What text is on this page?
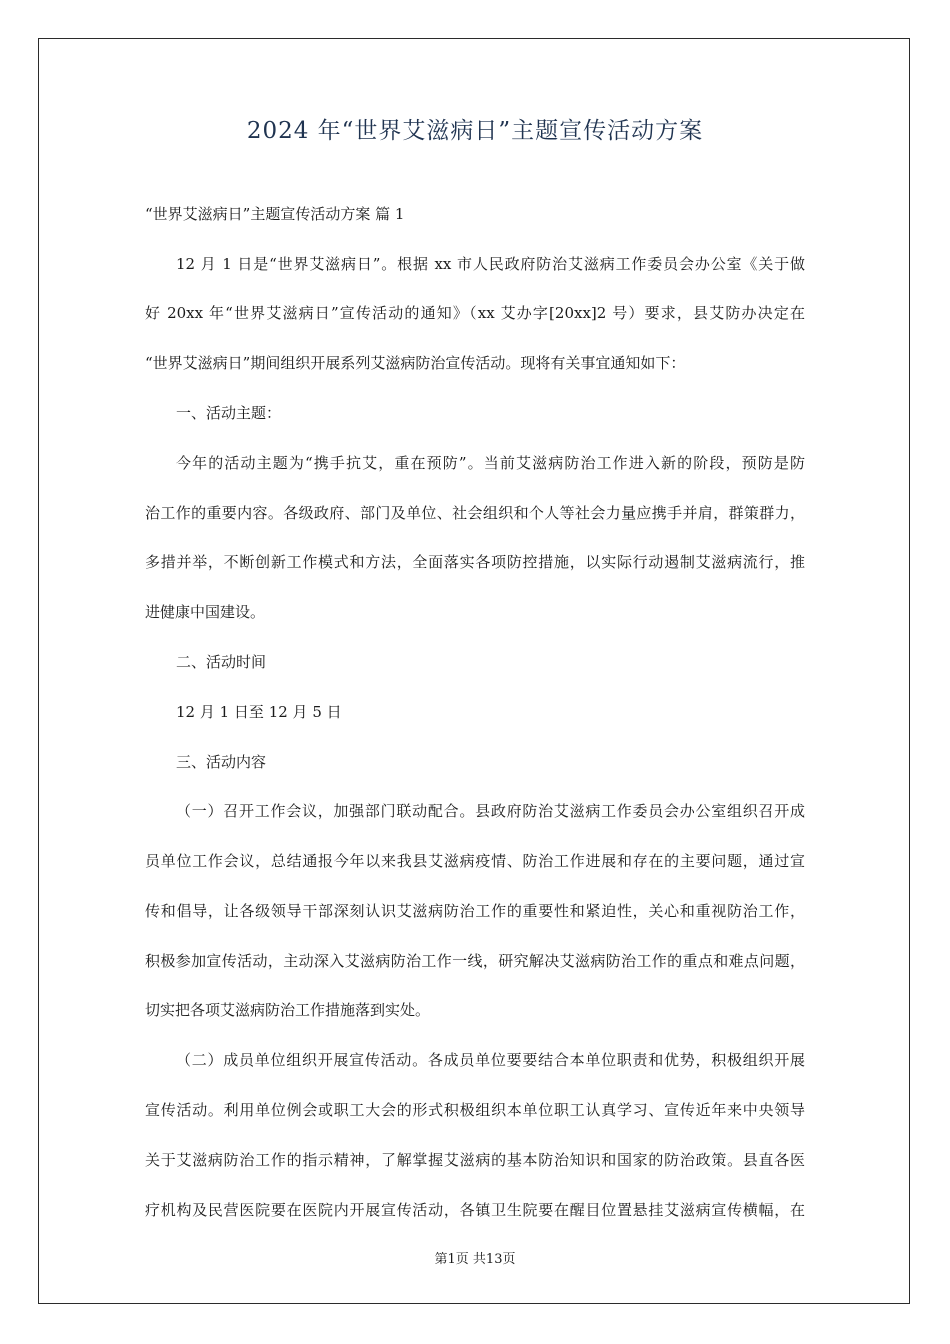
2024 年“世界艾滋病日”主题宣传活动方案

“世界艾滋病日”主题宣传活动方案 篇 1

12 月 1 日是“世界艾滋病日”。根据 xx 市人民政府防治艾滋病工作委员会办公室《关于做

好 20xx 年“世界艾滋病日”宣传活动的通知》（xx 艾办字[20xx]2 号）要求，县艾防办决定在

“世界艾滋病日”期间组织开展系列艾滋病防治宣传活动。现将有关事宜通知如下：

一、活动主题：

今年的活动主题为“携手抗艾，重在预防”。当前艾滋病防治工作进入新的阶段，预防是防

治工作的重要内容。各级政府、部门及单位、社会组织和个人等社会力量应携手并肩，群策群力，

多措并举，不断创新工作模式和方法，全面落实各项防控措施，以实际行动遏制艾滋病流行，推

进健康中国建设。

二、活动时间

12 月 1 日至 12 月 5 日

三、活动内容

（一）召开工作会议，加强部门联动配合。县政府防治艾滋病工作委员会办公室组织召开成

员单位工作会议，总结通报今年以来我县艾滋病疫情、防治工作进展和存在的主要问题，通过宣

传和倡导，让各级领导干部深刻认识艾滋病防治工作的重要性和紧迫性，关心和重视防治工作，

积极参加宣传活动，主动深入艾滋病防治工作一线，研究解决艾滋病防治工作的重点和难点问题，

切实把各项艾滋病防治工作措施落到实处。

（二）成员单位组织开展宣传活动。各成员单位要要结合本单位职责和优势，积极组织开展

宣传活动。利用单位例会或职工大会的形式积极组织本单位职工认真学习、宣传近年来中央领导

关于艾滋病防治工作的指示精神，了解掌握艾滋病的基本防治知识和国家的防治政策。县直各医

疗机构及民营医院要在医院内开展宣传活动，各镇卫生院要在醒目位置悬挂艾滋病宣传横幅，在

第1页 共13页
